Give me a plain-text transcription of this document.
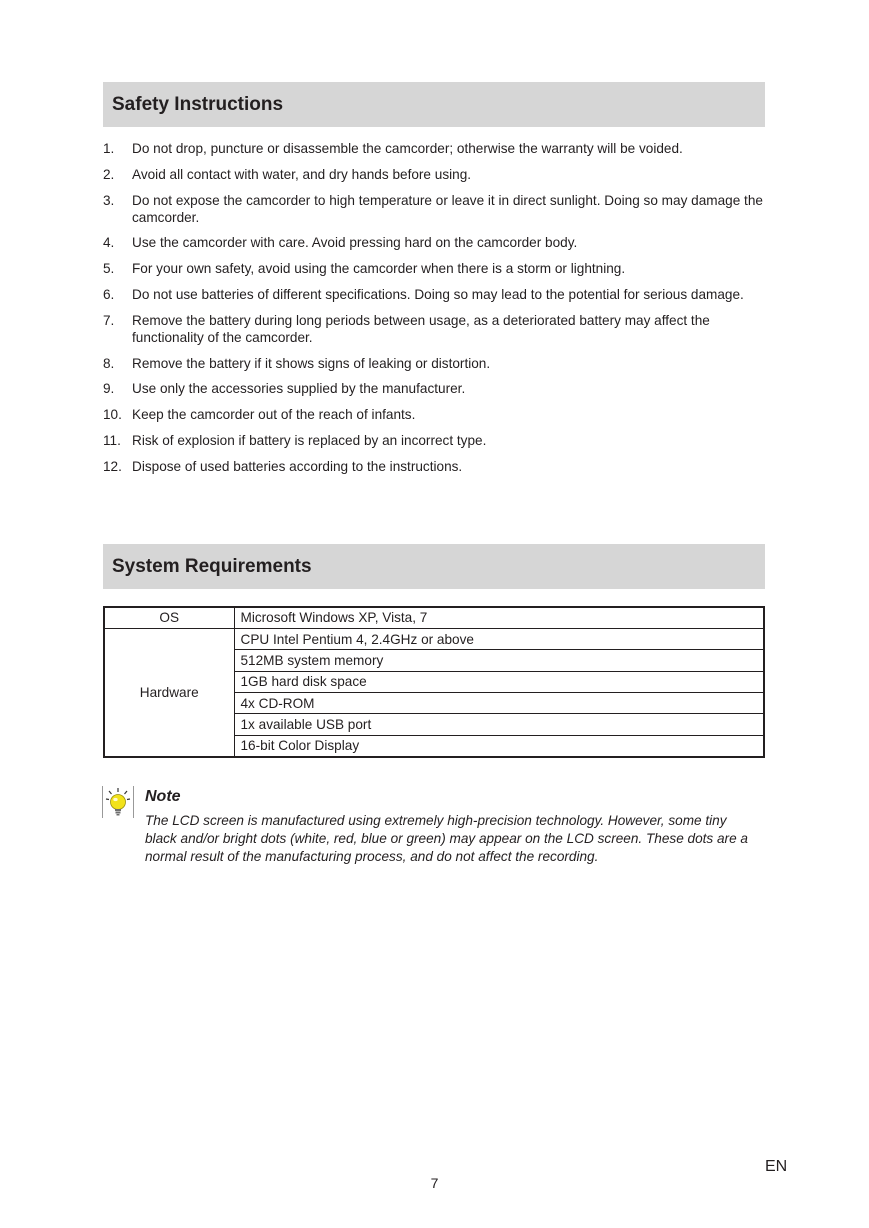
Safety Instructions
1. Do not drop, puncture or disassemble the camcorder; otherwise the warranty will be voided.
2. Avoid all contact with water, and dry hands before using.
3. Do not expose the camcorder to high temperature or leave it in direct sunlight. Doing so may damage the camcorder.
4. Use the camcorder with care. Avoid pressing hard on the camcorder body.
5. For your own safety, avoid using the camcorder when there is a storm or lightning.
6. Do not use batteries of different specifications. Doing so may lead to the potential for serious damage.
7. Remove the battery during long periods between usage, as a deteriorated battery may affect the functionality of the camcorder.
8. Remove the battery if it shows signs of leaking or distortion.
9. Use only the accessories supplied by the manufacturer.
10. Keep the camcorder out of the reach of infants.
11. Risk of explosion if battery is replaced by an incorrect type.
12. Dispose of used batteries according to the instructions.
System Requirements
OS	Microsoft Windows XP, Vista, 7
Hardware	CPU Intel Pentium 4, 2.4GHz or above
	512MB system memory
	1GB hard disk space
	4x CD-ROM
	1x available USB port
	16-bit Color Display
Note
The LCD screen is manufactured using extremely high-precision technology. However, some tiny black and/or bright dots (white, red, blue or green) may appear on the LCD screen. These dots are a normal result of the manufacturing process, and do not affect the recording.
EN
7
